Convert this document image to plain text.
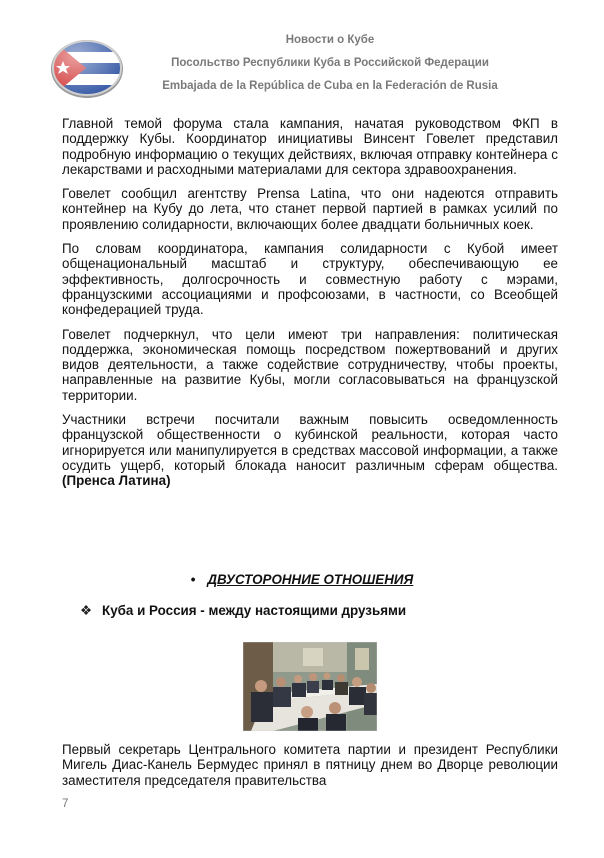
Новости о Кубе
Посольство Республики Куба в Российской Федерации
Embajada de la República de Cuba en la Federación de Rusia

Главной темой форума стала кампания, начатая руководством ФКП в поддержку Кубы. Координатор инициативы Винсент Говелет представил подробную информацию о текущих действиях, включая отправку контейнера с лекарствами и расходными материалами для сектора здравоохранения.

Говелет сообщил агентству Prensa Latina, что они надеются отправить контейнер на Кубу до лета, что станет первой партией в рамках усилий по проявлению солидарности, включающих более двадцати больничных коек.

По словам координатора, кампания солидарности с Кубой имеет общенациональный масштаб и структуру, обеспечивающую ее эффективность, долгосрочность и совместную работу с мэрами, французскими ассоциациями и профсоюзами, в частности, со Всеобщей конфедерацией труда.

Говелет подчеркнул, что цели имеют три направления: политическая поддержка, экономическая помощь посредством пожертвований и других видов деятельности, а также содействие сотрудничеству, чтобы проекты, направленные на развитие Кубы, могли согласовываться на французской территории.

Участники встречи посчитали важным повысить осведомленность французской общественности о кубинской реальности, которая часто игнорируется или манипулируется в средствах массовой информации, а также осудить ущерб, который блокада наносит различным сферам общества. (Пренса Латина)

• ДВУСТОРОННИЕ ОТНОШЕНИЯ
❖ Куба и Россия - между настоящими друзьями

Первый секретарь Центрального комитета партии и президент Республики Мигель Диас-Канель Бермудес принял в пятницу днем во Дворце революции заместителя председателя правительства

7
